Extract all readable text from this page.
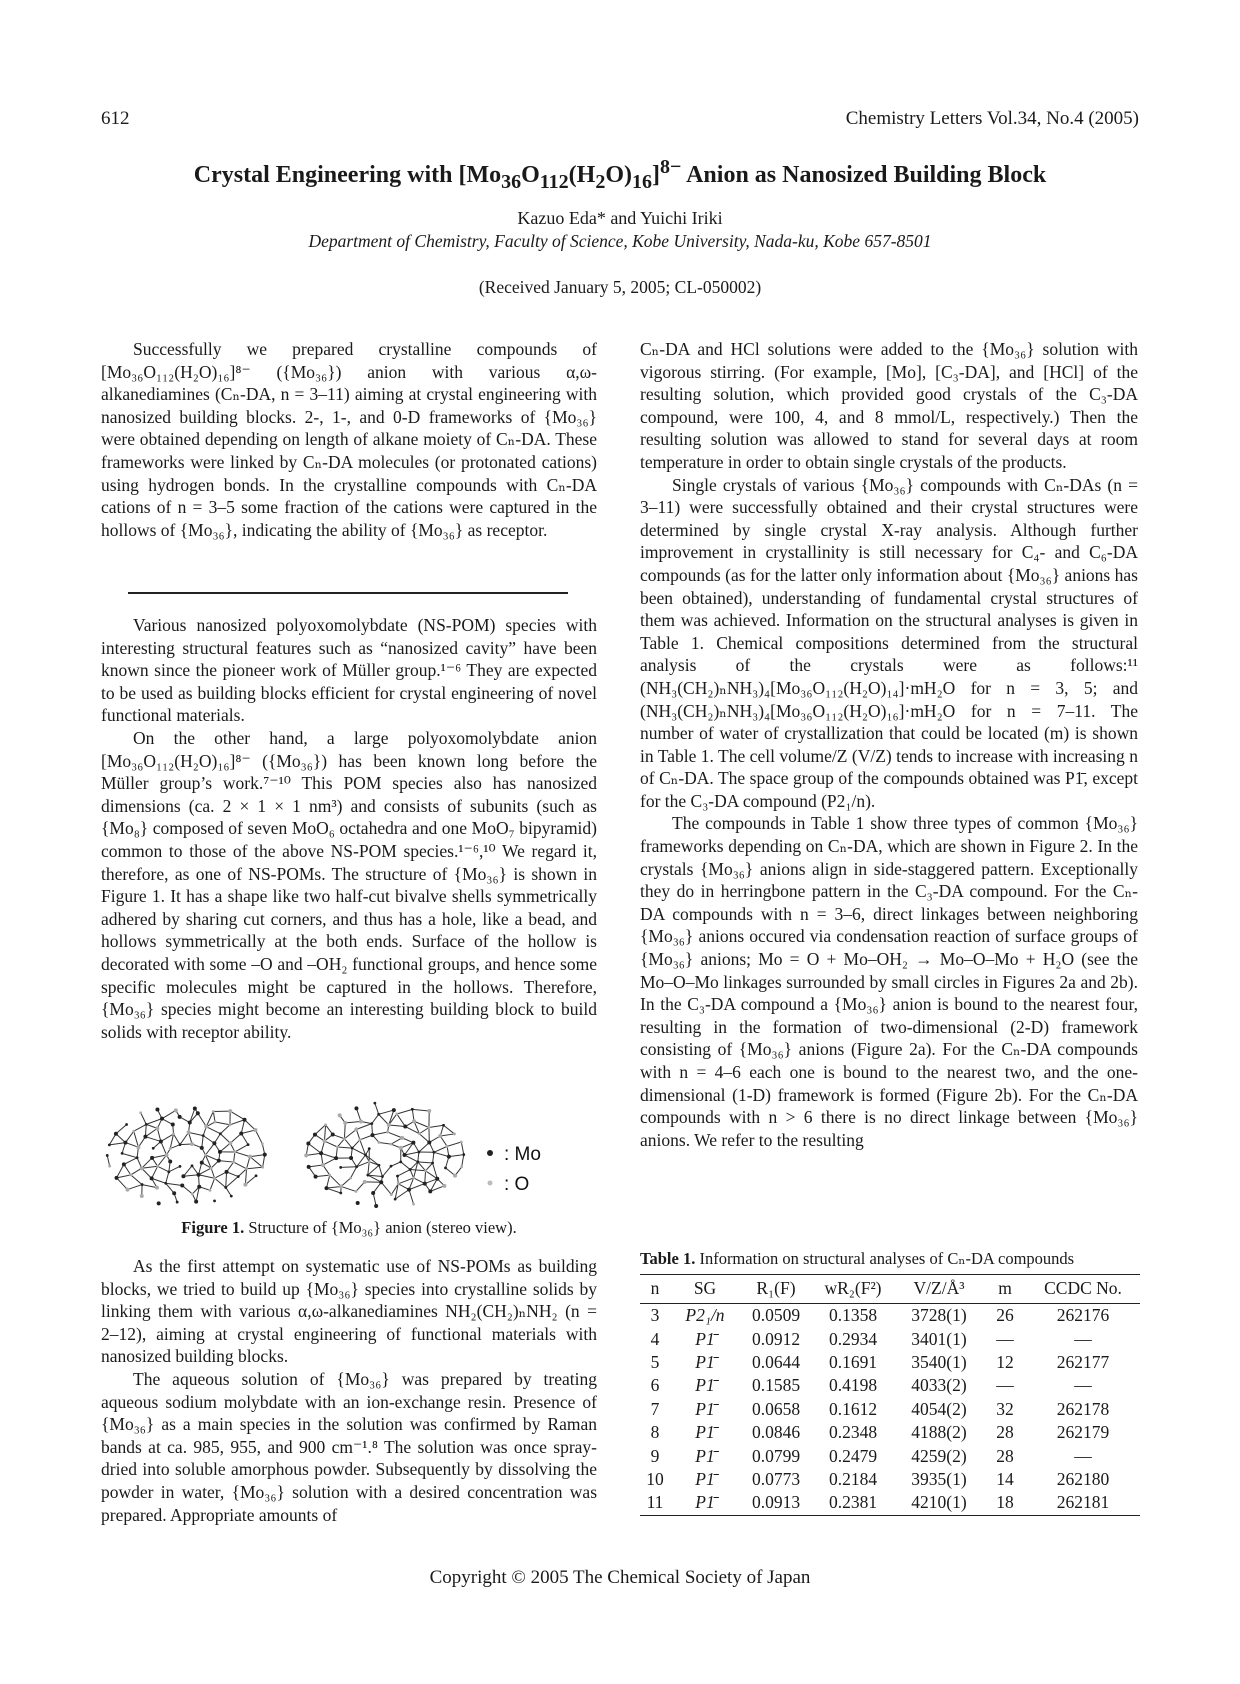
612	Chemistry Letters Vol.34, No.4 (2005)
Crystal Engineering with $[Mo_{36}O_{112}(H_2O)_{16}]^{8-}$ Anion as Nanosized Building Block
Kazuo Eda* and Yuichi Iriki
Department of Chemistry, Faculty of Science, Kobe University, Nada-ku, Kobe 657-8501
(Received January 5, 2005; CL-050002)

Successfully we prepared crystalline compounds of [Mo₃₆O₁₁₂(H₂O)₁₆]⁸⁻ ({Mo₃₆}) anion with various α,ω-alkanediamines (Cₙ-DA, n = 3–11) aiming at crystal engineering with nanosized building blocks. 2-, 1-, and 0-D frameworks of {Mo₃₆} were obtained depending on length of alkane moiety of Cₙ-DA. These frameworks were linked by Cₙ-DA molecules (or protonated cations) using hydrogen bonds. In the crystalline compounds with Cₙ-DA cations of n = 3–5 some fraction of the cations were captured in the hollows of {Mo₃₆}, indicating the ability of {Mo₃₆} as receptor.

Various nanosized polyoxomolybdate (NS-POM) species with interesting structural features such as “nanosized cavity” have been known since the pioneer work of Müller group.¹⁻⁶ They are expected to be used as building blocks efficient for crystal engineering of novel functional materials.

On the other hand, a large polyoxomolybdate anion [Mo₃₆O₁₁₂(H₂O)₁₆]⁸⁻ ({Mo₃₆}) has been known long before the Müller group’s work.⁷⁻¹⁰ This POM species also has nanosized dimensions (ca. 2 × 1 × 1 nm³) and consists of subunits (such as {Mo₈} composed of seven MoO₆ octahedra and one MoO₇ bipyramid) common to those of the above NS-POM species.¹⁻⁶,¹⁰ We regard it, therefore, as one of NS-POMs. The structure of {Mo₃₆} is shown in Figure 1. It has a shape like two half-cut bivalve shells symmetrically adhered by sharing cut corners, and thus has a hole, like a bead, and hollows symmetrically at the both ends. Surface of the hollow is decorated with some –O and –OH₂ functional groups, and hence some specific molecules might be captured in the hollows. Therefore, {Mo₃₆} species might become an interesting building block to build solids with receptor ability.

: Mo
: O
Figure 1. Structure of {Mo₃₆} anion (stereo view).

As the first attempt on systematic use of NS-POMs as building blocks, we tried to build up {Mo₃₆} species into crystalline solids by linking them with various α,ω-alkanediamines NH₂(CH₂)ₙNH₂ (n = 2–12), aiming at crystal engineering of functional materials with nanosized building blocks.

The aqueous solution of {Mo₃₆} was prepared by treating aqueous sodium molybdate with an ion-exchange resin. Presence of {Mo₃₆} as a main species in the solution was confirmed by Raman bands at ca. 985, 955, and 900 cm⁻¹.⁸ The solution was once spray-dried into soluble amorphous powder. Subsequently by dissolving the powder in water, {Mo₃₆} solution with a desired concentration was prepared. Appropriate amounts of

Cₙ-DA and HCl solutions were added to the {Mo₃₆} solution with vigorous stirring. (For example, [Mo], [C₃-DA], and [HCl] of the resulting solution, which provided good crystals of the C₃-DA compound, were 100, 4, and 8 mmol/L, respectively.) Then the resulting solution was allowed to stand for several days at room temperature in order to obtain single crystals of the products.

Single crystals of various {Mo₃₆} compounds with Cₙ-DAs (n = 3–11) were successfully obtained and their crystal structures were determined by single crystal X-ray analysis. Although further improvement in crystallinity is still necessary for C₄- and C₆-DA compounds (as for the latter only information about {Mo₃₆} anions has been obtained), understanding of fundamental crystal structures of them was achieved. Information on the structural analyses is given in Table 1. Chemical compositions determined from the structural analysis of the crystals were as follows:¹¹ (NH₃(CH₂)ₙNH₃)₄[Mo₃₆O₁₁₂(H₂O)₁₄]·mH₂O for n = 3, 5; and (NH₃(CH₂)ₙNH₃)₄[Mo₃₆O₁₁₂(H₂O)₁₆]·mH₂O for n = 7–11. The number of water of crystallization that could be located (m) is shown in Table 1. The cell volume/Z (V/Z) tends to increase with increasing n of Cₙ-DA. The space group of the compounds obtained was P1̄, except for the C₃-DA compound (P2₁/n).

The compounds in Table 1 show three types of common {Mo₃₆} frameworks depending on Cₙ-DA, which are shown in Figure 2. In the crystals {Mo₃₆} anions align in side-staggered pattern. Exceptionally they do in herringbone pattern in the C₃-DA compound. For the Cₙ-DA compounds with n = 3–6, direct linkages between neighboring {Mo₃₆} anions occured via condensation reaction of surface groups of {Mo₃₆} anions; Mo = O + Mo–OH₂ → Mo–O–Mo + H₂O (see the Mo–O–Mo linkages surrounded by small circles in Figures 2a and 2b). In the C₃-DA compound a {Mo₃₆} anion is bound to the nearest four, resulting in the formation of two-dimensional (2-D) framework consisting of {Mo₃₆} anions (Figure 2a). For the Cₙ-DA compounds with n = 4–6 each one is bound to the nearest two, and the one-dimensional (1-D) framework is formed (Figure 2b). For the Cₙ-DA compounds with n > 6 there is no direct linkage between {Mo₃₆} anions. We refer to the resulting

Table 1. Information on structural analyses of Cₙ-DA compounds
n	SG	R₁(F)	wR₂(F²)	V/Z/Å³	m	CCDC No.
3	P2₁/n	0.0509	0.1358	3728(1)	26	262176
4	P1̄	0.0912	0.2934	3401(1)	—	—
5	P1̄	0.0644	0.1691	3540(1)	12	262177
6	P1̄	0.1585	0.4198	4033(2)	—	—
7	P1̄	0.0658	0.1612	4054(2)	32	262178
8	P1̄	0.0846	0.2348	4188(2)	28	262179
9	P1̄	0.0799	0.2479	4259(2)	28	—
10	P1̄	0.0773	0.2184	3935(1)	14	262180
11	P1̄	0.0913	0.2381	4210(1)	18	262181
Copyright © 2005 The Chemical Society of Japan
